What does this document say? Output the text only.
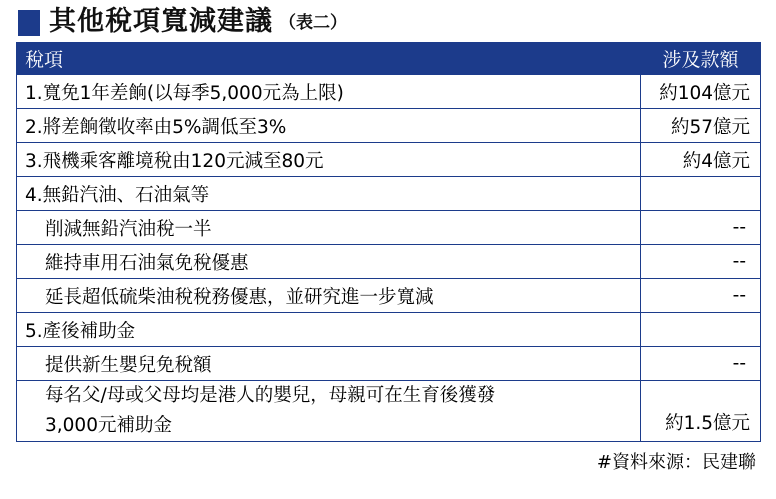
其他稅項寬減建議 （表二）
稅項	涉及款額
1.寬免1年差餉(以每季5,000元為上限)	約104億元
2.將差餉徵收率由5%調低至3%	約57億元
3.飛機乘客離境稅由120元減至80元	約4億元
4.無鉛汽油、石油氣等	
削減無鉛汽油稅一半	--
維持車用石油氣免稅優惠	--
延長超低硫柴油稅稅務優惠，並研究進一步寬減	--
5.產後補助金	
提供新生嬰兒免稅額	--

每名父/母或父母均是港人的嬰兒，母親可在生育後獲發
3,000元補助金	約1.5億元
#資料來源：民建聯
